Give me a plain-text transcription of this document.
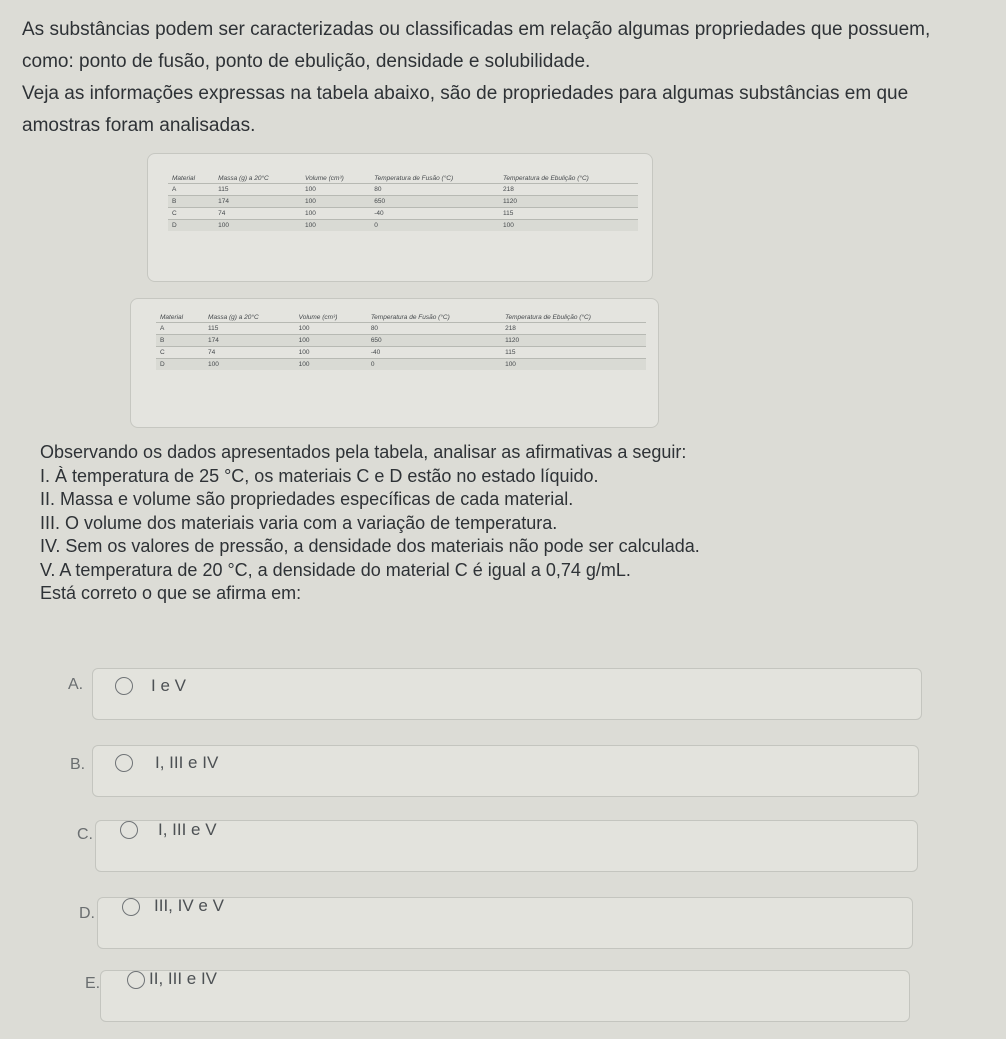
As substâncias podem ser caracterizadas ou classificadas em relação algumas propriedades que possuem,

como: ponto de fusão, ponto de ebulição, densidade e solubilidade.

Veja as informações expressas na tabela abaixo, são de propriedades para algumas substâncias em que

amostras foram analisadas.

Material	Massa (g) a 20°C	Volume (cm³)	Temperatura de Fusão (°C)	Temperatura de Ebulição (°C)
A	115	100	80	218
B	174	100	650	1120
C	74	100	-40	115
D	100	100	0	100
Material	Massa (g) a 20°C	Volume (cm³)	Temperatura de Fusão (°C)	Temperatura de Ebulição (°C)
A	115	100	80	218
B	174	100	650	1120
C	74	100	-40	115
D	100	100	0	100

Observando os dados apresentados pela tabela, analisar as afirmativas a seguir:

I. À temperatura de 25 °C, os materiais C e D estão no estado líquido.

II. Massa e volume são propriedades específicas de cada material.

III. O volume dos materiais varia com a variação de temperatura.

IV. Sem os valores de pressão, a densidade dos materiais não pode ser calculada.

V. A temperatura de 20 °C, a densidade do material C é igual a 0,74 g/mL.

Está correto o que se afirma em:

A.	I e V
B.	I, III e IV
C.	I, III e V
D.	III, IV e V
E.	II, III e IV
